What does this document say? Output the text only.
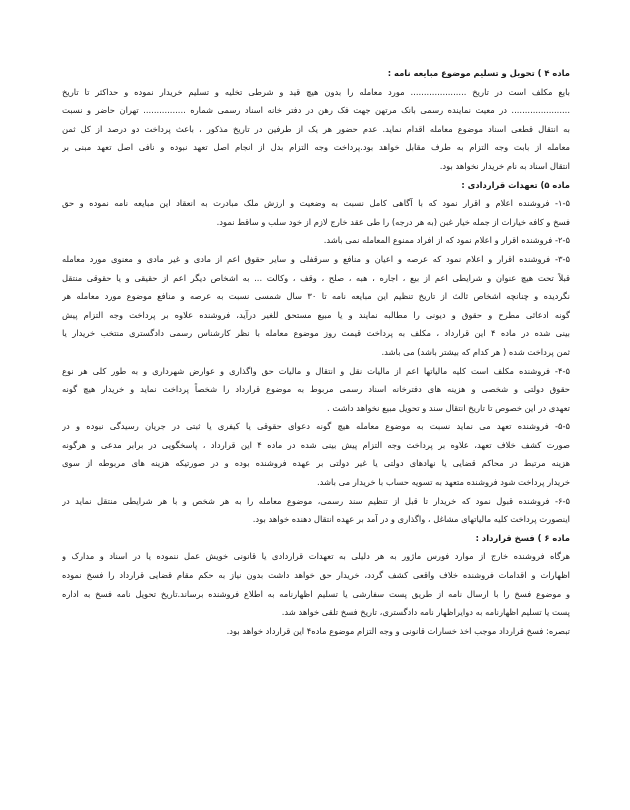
ماده ۴ ) تحویل و تسلیم موضوع مبایعه نامه :
بایع مکلف است در تاریخ ..................... مورد معامله را بدون هیچ قید و شرطی تخلیه و تسلیم خریدار نموده و حداکثر تا تاریخ
...................... در معیت نماینده رسمی بانک مرتهن جهت فک رهن در دفتر خانه اسناد رسمی شماره ................ تهران حاضر و نسبت
به انتقال قطعی اسناد موضوع معامله اقدام نماید. عدم حضور هر یک از طرفین در تاریخ مذکور ، باعث پرداخت دو درصد از کل ثمن
معامله از بابت وجه التزام به طرف مقابل خواهد بود.پرداخت وجه التزام بدل از انجام اصل تعهد نبوده و نافی اصل تعهد مبنی بر
انتقال اسناد به نام خریدار نخواهد بود.
ماده ۵) تعهدات قراردادی :
۱-۵- فروشنده اعلام و اقرار نمود که با آگاهی کامل نسبت به وضعیت و ارزش ملک مبادرت به انعقاد این مبایعه نامه نموده و حق
فسخ و کافه خیارات از جمله خیار غبن (به هر درجه) را طی عقد خارج لازم از خود سلب و ساقط نمود.
۲-۵- فروشنده اقرار و اعلام نمود که از افراد ممنوع المعامله نمی باشد.
۳-۵- فروشنده اقرار و اعلام نمود که عرصه و اعیان و منافع و سرقفلی و سایر حقوق اعم از مادی و غیر مادی و معنوی مورد معامله
قبلاً تحت هیچ عنوان و شرایطی اعم از بیع ، اجاره ، هبه ، صلح ، وقف ، وکالت ... به اشخاص دیگر اعم از حقیقی و یا حقوقی منتقل
نگردیده و چنانچه اشخاص ثالث از تاریخ تنظیم این مبایعه نامه تا ۳۰ سال شمسی نسبت به عرصه و منافع موضوع مورد معامله هر
گونه ادعائی مطرح و حقوق و دیونی را مطالبه نمایند و یا مبیع مستحق للغیر درآید، فروشنده علاوه بر پرداخت وجه التزام پیش
بینی شده در ماده ۴ این قرارداد ، مکلف به پرداخت قیمت روز موضوع معامله با نظر کارشناس رسمی دادگستری منتخب خریدار یا
ثمن پرداخت شده ( هر کدام که بیشتر باشد) می باشد.
۴-۵- فروشنده مکلف است کلیه مالیاتها اعم از مالیات نقل و انتقال و مالیات حق واگذاری و عوارض شهرداری و به طور کلی هر نوع
حقوق دولتی و شخصی و هزینه های دفترخانه اسناد رسمی مربوط به موضوع قرارداد را شخصاً پرداخت نماید و خریدار هیچ گونه
تعهدی در این خصوص تا تاریخ انتقال سند و تحویل مبیع نخواهد داشت .
۵-۵- فروشنده تعهد می نماید نسبت به موضوع معامله هیچ گونه دعوای حقوقی یا کیفری یا ثبتی در جریان رسیدگی نبوده و در
صورت کشف خلاف تعهد، علاوه بر پرداخت وجه التزام پیش بینی شده در ماده ۴ این قرارداد ، پاسخگویی در برابر مدعی و هرگونه
هزینه مرتبط در محاکم قضایی یا نهادهای دولتی یا غیر دولتی بر عهده فروشنده بوده و در صورتیکه هزینه های مربوطه از سوی
خریدار پرداخت شود فروشنده متعهد به تسویه حساب با خریدار می باشد.
۶-۵- فروشنده قبول نمود که خریدار تا قبل از تنظیم سند رسمی، موضوع معامله را به هر شخص و با هر شرایطی منتقل نماید در
اینصورت پرداخت کلیه مالیاتهای مشاغل ، واگذاری و در آمد بر عهده انتقال دهنده خواهد بود.
ماده ۶ ) فسخ قرارداد :
هرگاه فروشنده خارج از موارد فورس ماژور به هر دلیلی به تعهدات قراردادی یا قانونی خویش عمل ننموده یا در اسناد و مدارک و
اظهارات و اقدامات فروشنده خلاف واقعی کشف گردد، خریدار حق خواهد داشت بدون نیاز به حکم مقام قضایی قرارداد را فسخ نموده
و موضوع فسخ را با ارسال نامه از طریق پست سفارشی یا تسلیم اظهارنامه به اطلاع فروشنده برساند.تاریخ تحویل نامه فسخ به اداره
پست یا تسلیم اظهارنامه به دوایراظهار نامه دادگستری، تاریخ فسخ تلقی خواهد شد.
تبصره: فسخ قرارداد موجب اخذ خسارات قانونی و وجه التزام موضوع ماده۴ این قرارداد خواهد بود.
